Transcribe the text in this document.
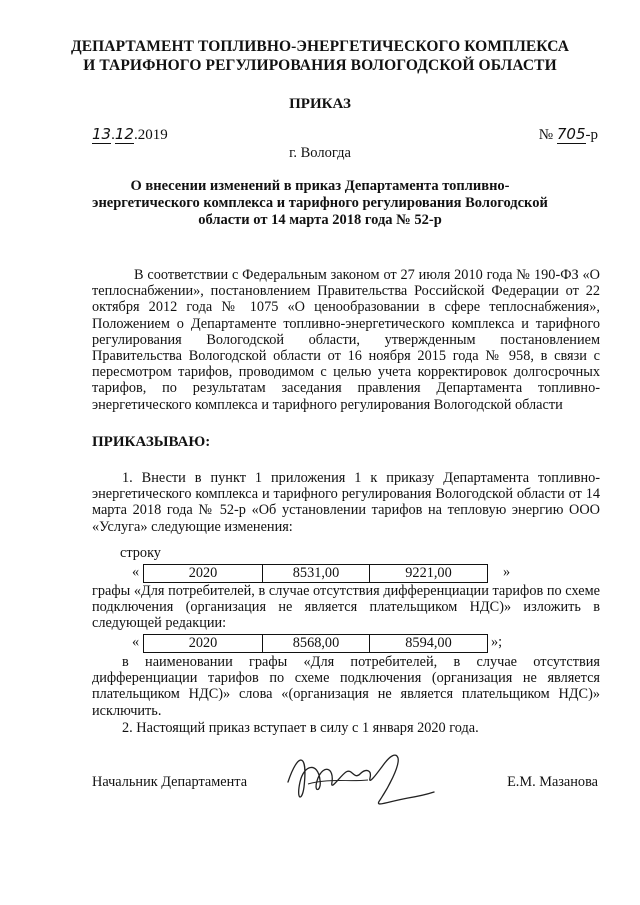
ДЕПАРТАМЕНТ ТОПЛИВНО-ЭНЕРГЕТИЧЕСКОГО КОМПЛЕКСА
И ТАРИФНОГО РЕГУЛИРОВАНИЯ ВОЛОГОДСКОЙ ОБЛАСТИ
ПРИКАЗ
13.12.2019	№ 705-р
г. Вологда
О внесении изменений в приказ Департамента топливно-
энергетического комплекса и тарифного регулирования Вологодской
области от 14 марта 2018 года № 52-р
В соответствии с Федеральным законом от 27 июля 2010 года № 190-ФЗ «О теплоснабжении», постановлением Правительства Российской Федерации от 22 октября 2012 года № 1075 «О ценообразовании в сфере теплоснабжения», Положением о Департаменте топливно-энергетического комплекса и тарифного регулирования Вологодской области, утвержденным постановлением Правительства Вологодской области от 16 ноября 2015 года № 958, в связи с пересмотром тарифов, проводимом с целью учета корректировок долгосрочных тарифов, по результатам заседания правления Департамента топливно-энергетического комплекса и тарифного регулирования Вологодской области
ПРИКАЗЫВАЮ:
1. Внести в пункт 1 приложения 1 к приказу Департамента топливно-энергетического комплекса и тарифного регулирования Вологодской области от 14 марта 2018 года № 52-р «Об установлении тарифов на тепловую энергию ООО «Услуга» следующие изменения:
строку
«	2020	8531,00	9221,00	»
графы «Для потребителей, в случае отсутствия дифференциации тарифов по схеме подключения (организация не является плательщиком НДС)» изложить в следующей редакции:
«	2020	8568,00	8594,00	»;
в наименовании графы «Для потребителей, в случае отсутствия дифференциации тарифов по схеме подключения (организация не является плательщиком НДС)» слова «(организация не является плательщиком НДС)» исключить.
2. Настоящий приказ вступает в силу с 1 января 2020 года.
Начальник Департамента	Е.М. Мазанова
